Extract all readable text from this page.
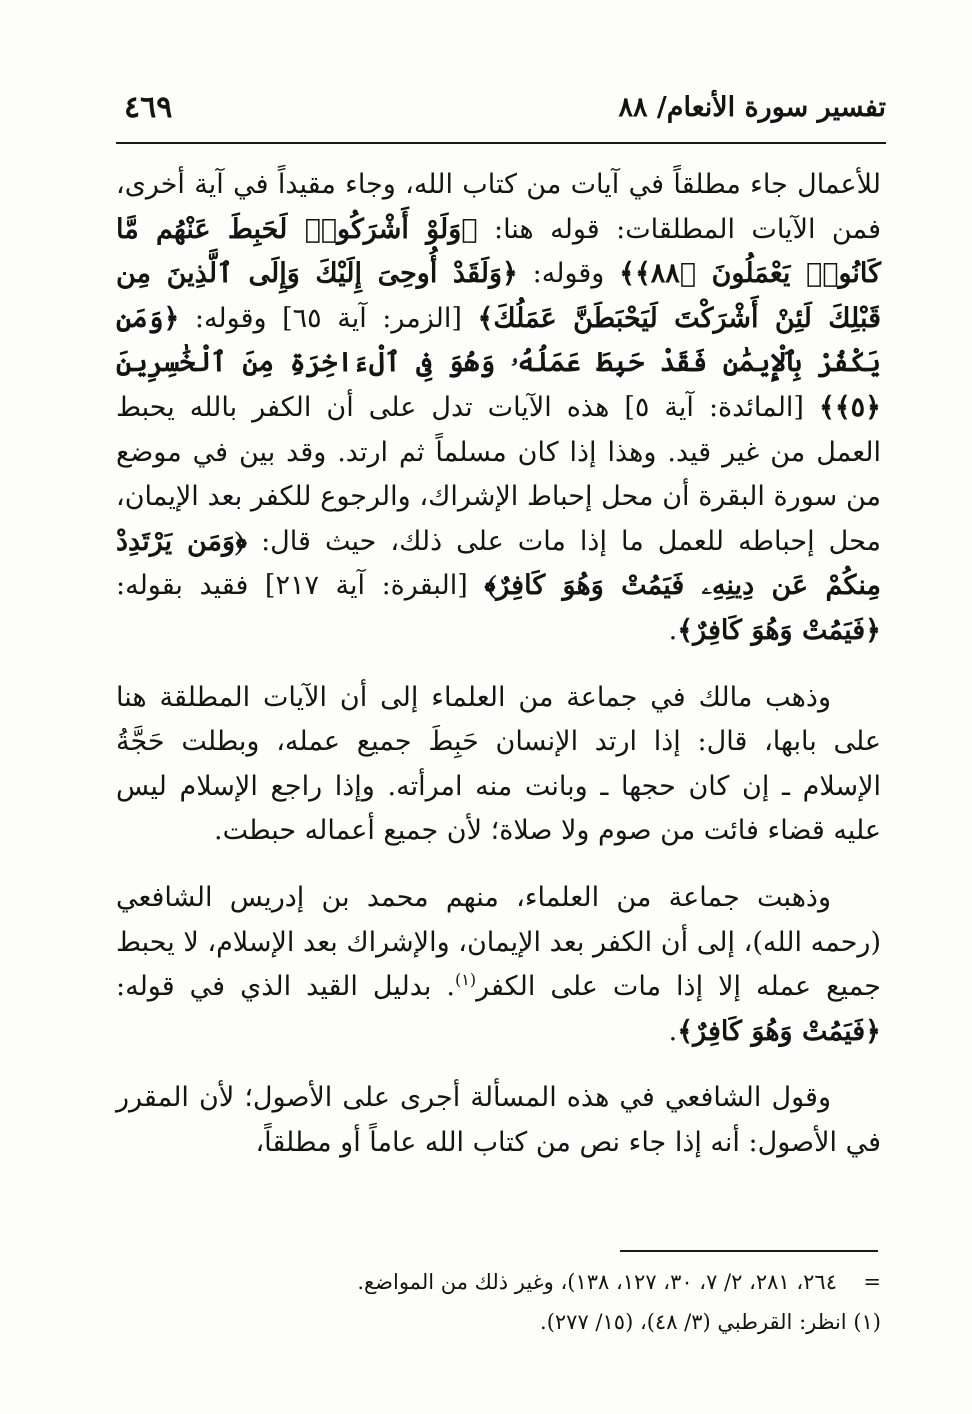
٤٦٩	تفسير سورة الأنعام/ ٨٨

للأعمال جاء مطلقاً في آيات من كتاب الله، وجاء مقيداً في آية أخرى، فمن الآيات المطلقات: قوله هنا: ﴿وَلَوْ أَشْرَكُوا۟ لَحَبِطَ عَنْهُم مَّا كَانُوا۟ يَعْمَلُونَ ﴿٨٨﴾﴾ وقوله: ﴿وَلَقَدْ أُوحِىَ إِلَيْكَ وَإِلَى ٱلَّذِينَ مِن قَبْلِكَ لَئِنْ أَشْرَكْتَ لَيَحْبَطَنَّ عَمَلُكَ﴾ [الزمر: آية ٦٥] وقوله: ﴿وَمَن يَكْفُرْ بِٱلْإِيمَٰنِ فَقَدْ حَبِطَ عَمَلُهُۥ وَهُوَ فِى ٱلْءَاخِرَةِ مِنَ ٱلْخَٰسِرِينَ ﴿٥﴾﴾ [المائدة: آية ٥] هذه الآيات تدل على أن الكفر بالله يحبط العمل من غير قيد. وهذا إذا كان مسلماً ثم ارتد. وقد بين في موضع من سورة البقرة أن محل إحباط الإشراك، والرجوع للكفر بعد الإيمان، محل إحباطه للعمل ما إذا مات على ذلك، حيث قال: ﴿وَمَن يَرْتَدِدْ مِنكُمْ عَن دِينِهِۦ فَيَمُتْ وَهُوَ كَافِرٌ﴾ [البقرة: آية ٢١٧] فقيد بقوله: ﴿فَيَمُتْ وَهُوَ كَافِرٌ﴾.

وذهب مالك في جماعة من العلماء إلى أن الآيات المطلقة هنا على بابها، قال: إذا ارتد الإنسان حَبِطَ جميع عمله، وبطلت حَجَّةُ الإسلام ـ إن كان حجها ـ وبانت منه امرأته. وإذا راجع الإسلام ليس عليه قضاء فائت من صوم ولا صلاة؛ لأن جميع أعماله حبطت.

وذهبت جماعة من العلماء، منهم محمد بن إدريس الشافعي (رحمه الله)، إلى أن الكفر بعد الإيمان، والإشراك بعد الإسلام، لا يحبط جميع عمله إلا إذا مات على الكفر$^{(١)}$. بدليل القيد الذي في قوله: ﴿فَيَمُتْ وَهُوَ كَافِرٌ﴾.

وقول الشافعي في هذه المسألة أجرى على الأصول؛ لأن المقرر في الأصول: أنه إذا جاء نص من كتاب الله عاماً أو مطلقاً،

=
٢٦٤، ٢٨١، ٢/ ٧، ٣٠، ١٢٧، ١٣٨)، وغير ذلك من المواضع.

(١) انظر: القرطبي (٣/ ٤٨)، (١٥/ ٢٧٧).
